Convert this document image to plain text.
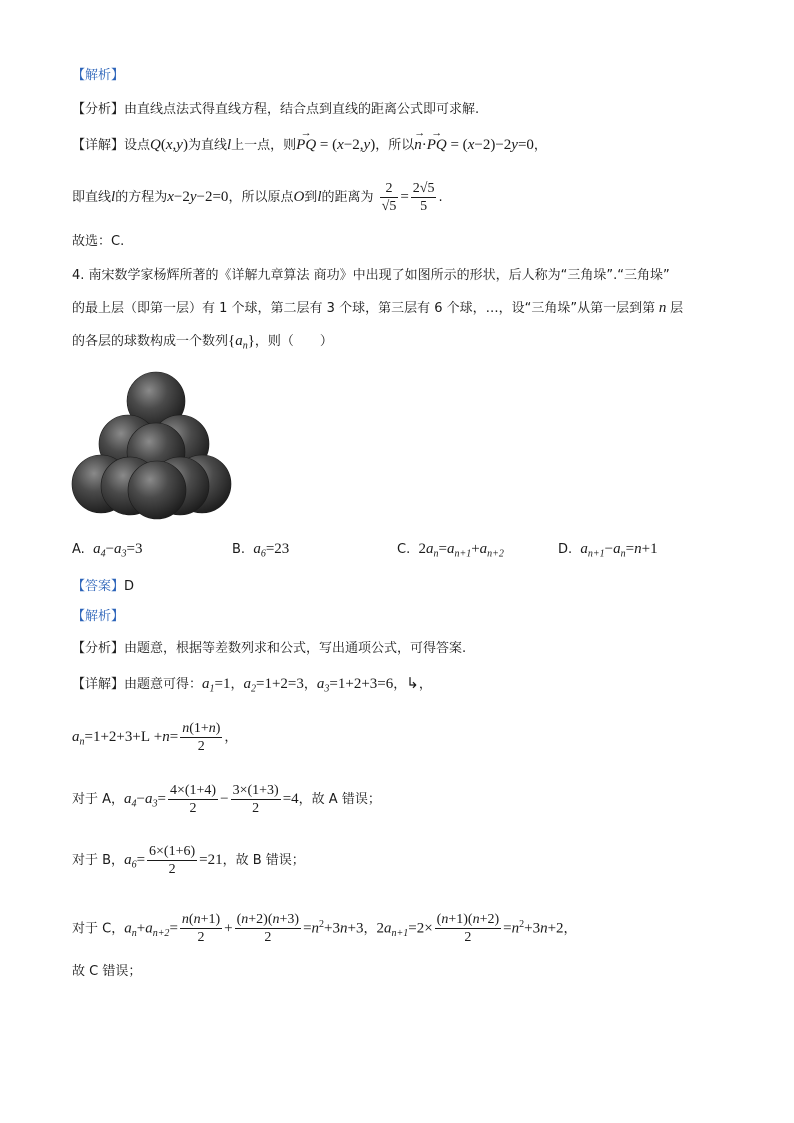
【解析】
【分析】由直线点法式得直线方程，结合点到直线的距离公式即可求解.
【详解】设点Q(x,y)为直线l上一点，则→ PQ = (x−2,y)，所以→ n·→ PQ = (x−2)−2y=0，
即直线l的方程为x−2y−2=0，所以原点O到l的距离为 $\frac{2}{√5} = \frac{2√5}{5}$ .
故选：C.
4. 南宋数学家杨辉所著的《详解九章算法 商功》中出现了如图所示的形状，后人称为“三角垛”.“三角垛”
的最上层（即第一层）有 1 个球，第二层有 3 个球，第三层有 6 个球，…，设“三角垛”从第一层到第 n 层
的各层的球数构成一个数列$\{a_n\}$，则（　　）
A. $a_4-a_3=3$	B. $a_6=23$	C. $2a_n=a_{n+1}+a_{n+2}$	D. $a_{n+1}-a_n=n+1$
【答案】D
【解析】
【分析】由题意，根据等差数列求和公式，写出通项公式，可得答案.
【详解】由题意可得：$a_1=1$，$a_2=1+2=3$，$a_3=1+2+3=6$，↳，
$a_n=1+2+3+L +n= \frac{n(1+n)}{2}$ ，
对于 A，$a_4-a_3= \frac{4\times(1+4)}{2} - \frac{3\times(1+3)}{2} =4$，故 A 错误；
对于 B，$a_6= \frac{6\times(1+6)}{2} =21$，故 B 错误；
对于 C，$a_n+a_{n+2}= \frac{n(n+1)}{2} + \frac{(n+2)(n+3)}{2} =n^2+3n+3$，$2a_{n+1}=2\times \frac{(n+1)(n+2)}{2} =n^2+3n+2$，
故 C 错误；
